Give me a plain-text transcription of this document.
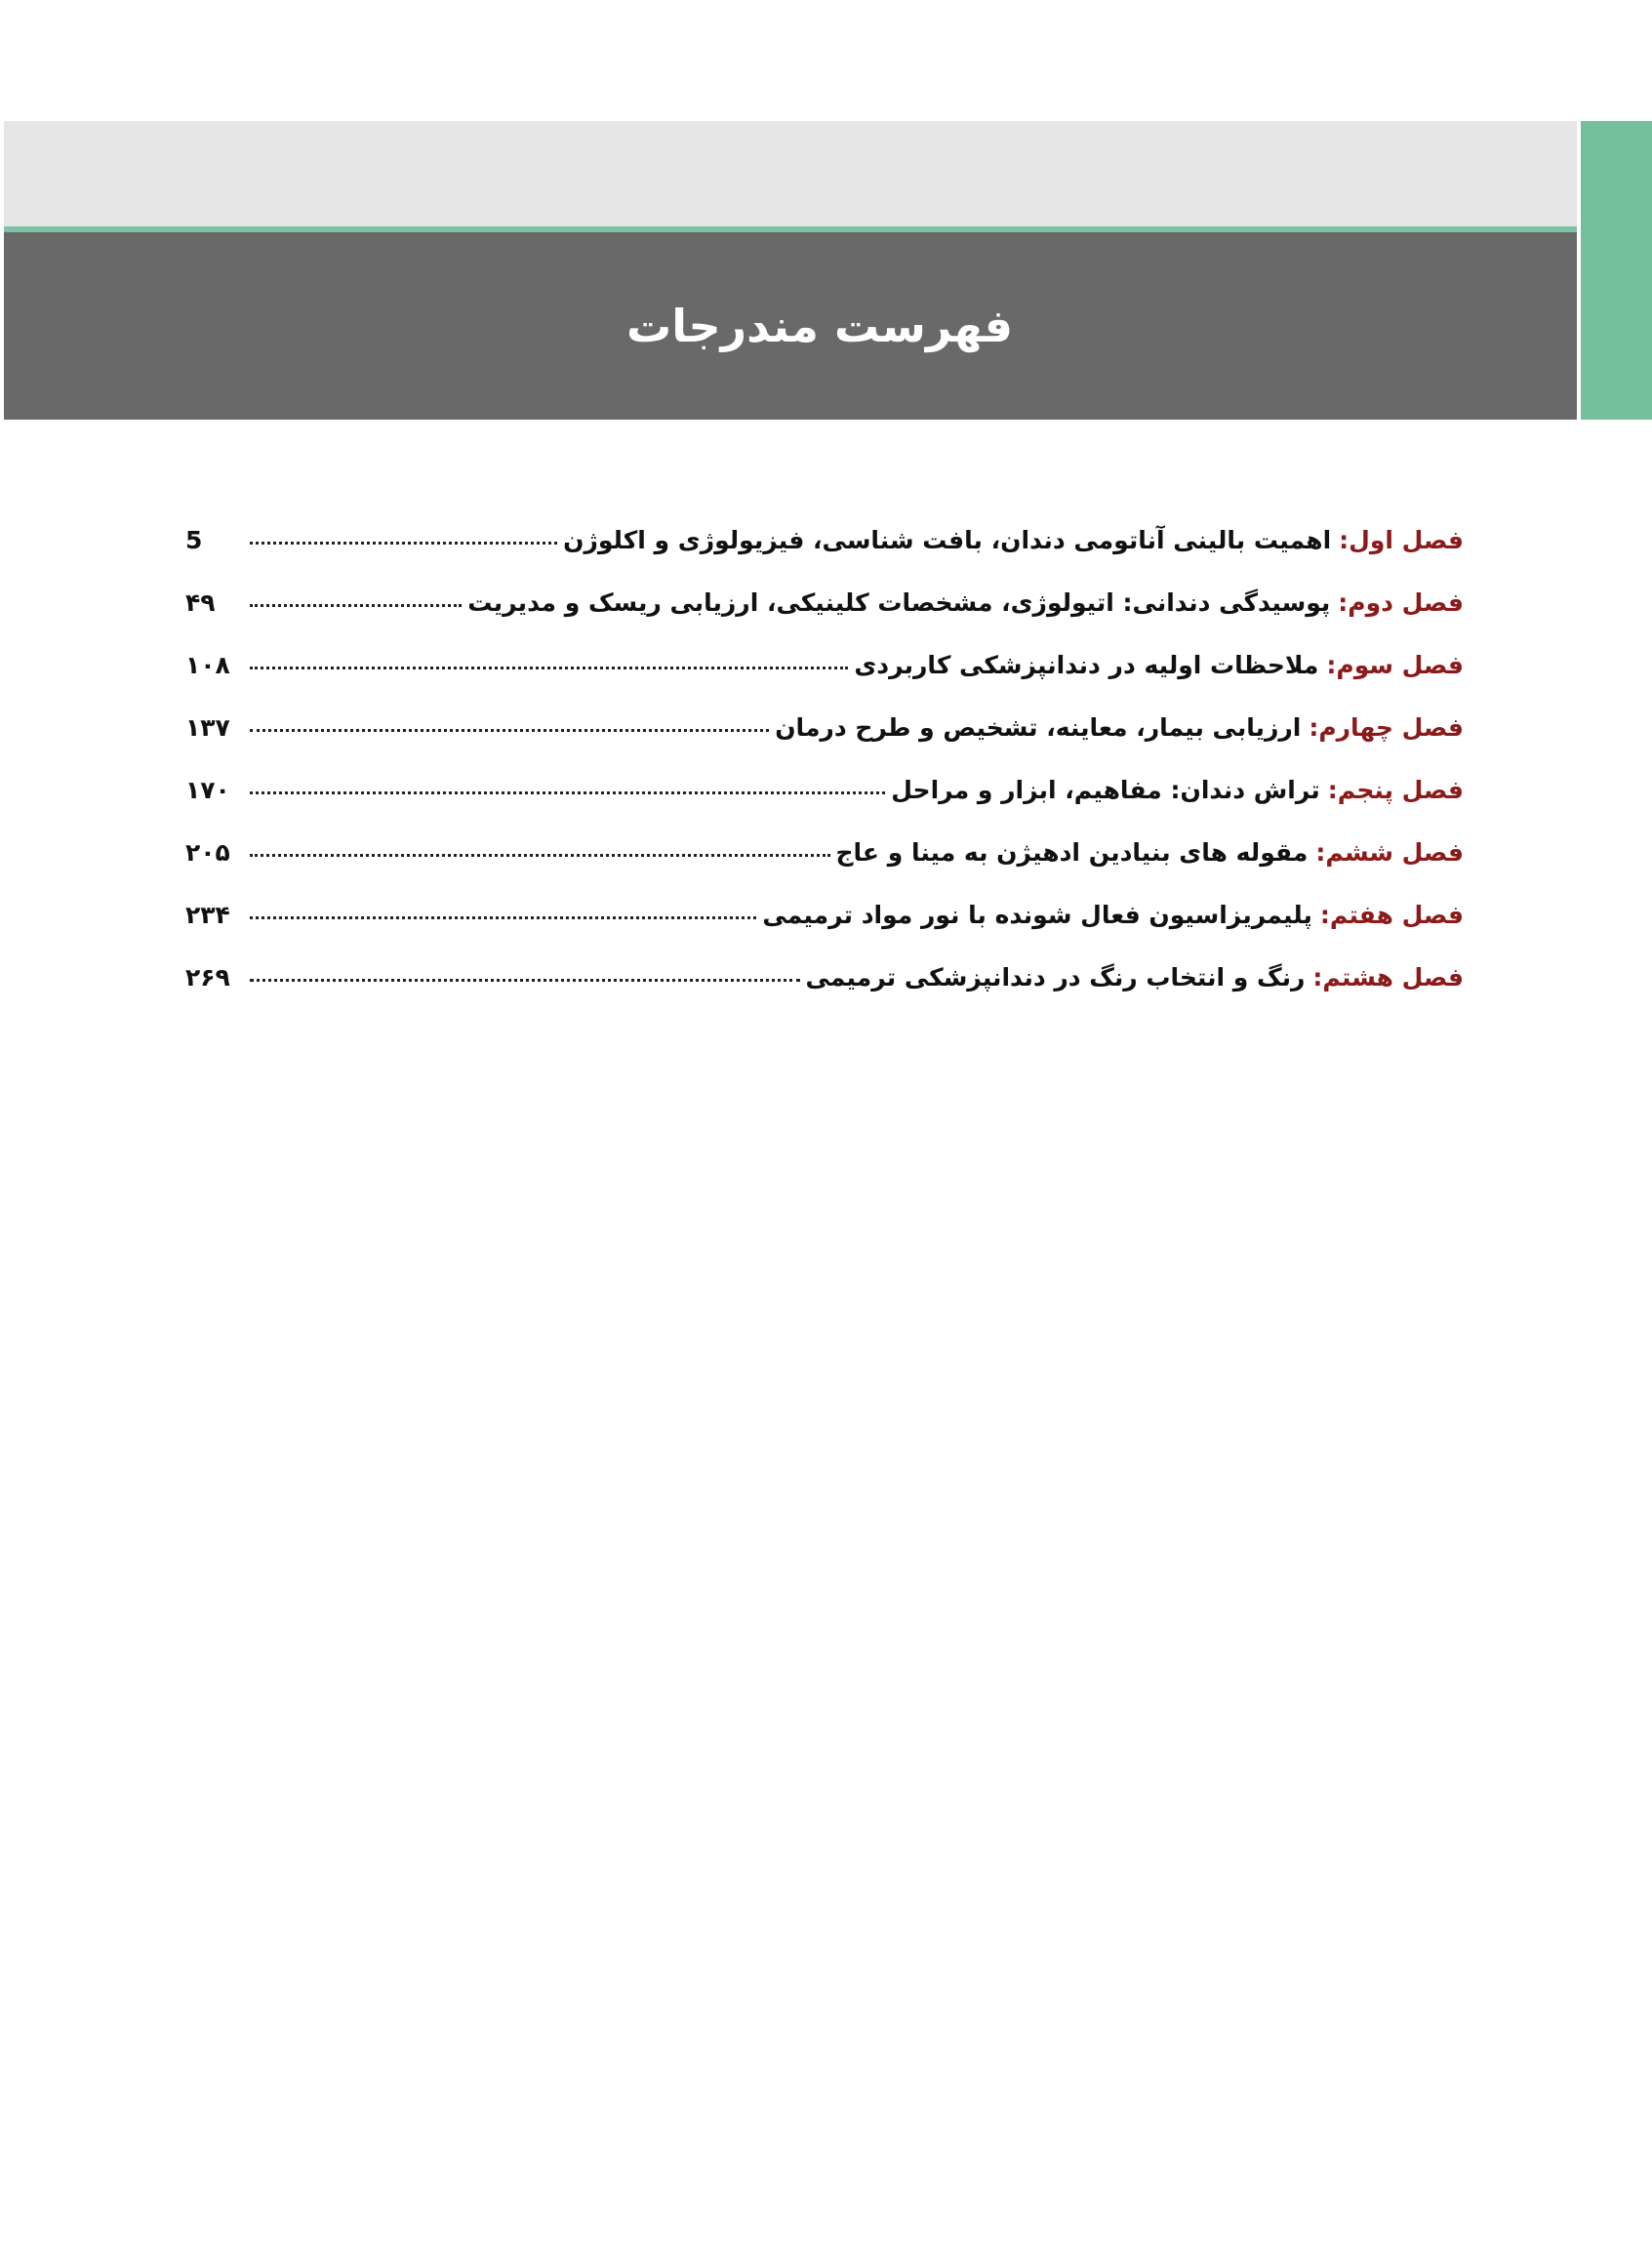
فهرست مندرجات
فصل اول:
اهمیت بالینی آناتومی دندان، بافت شناسی، فیزیولوژی و اکلوژن
5
فصل دوم:
پوسیدگی دندانی: اتیولوژی، مشخصات کلینیکی، ارزیابی ریسک و مدیریت
۴۹
فصل سوم:
ملاحظات اولیه در دندانپزشکی کاربردی
۱۰۸
فصل چهارم:
ارزیابی بیمار، معاینه، تشخیص و طرح درمان
۱۳۷
فصل پنجم:
تراش دندان: مفاهیم، ابزار و مراحل
۱۷۰
فصل ششم:
مقوله های بنیادین ادهیژن به مینا و عاج
۲۰۵
فصل هفتم:
پلیمریزاسیون فعال شونده با نور مواد ترمیمی
۲۳۴
فصل هشتم:
رنگ و انتخاب رنگ در دندانپزشکی ترمیمی
۲۶۹
